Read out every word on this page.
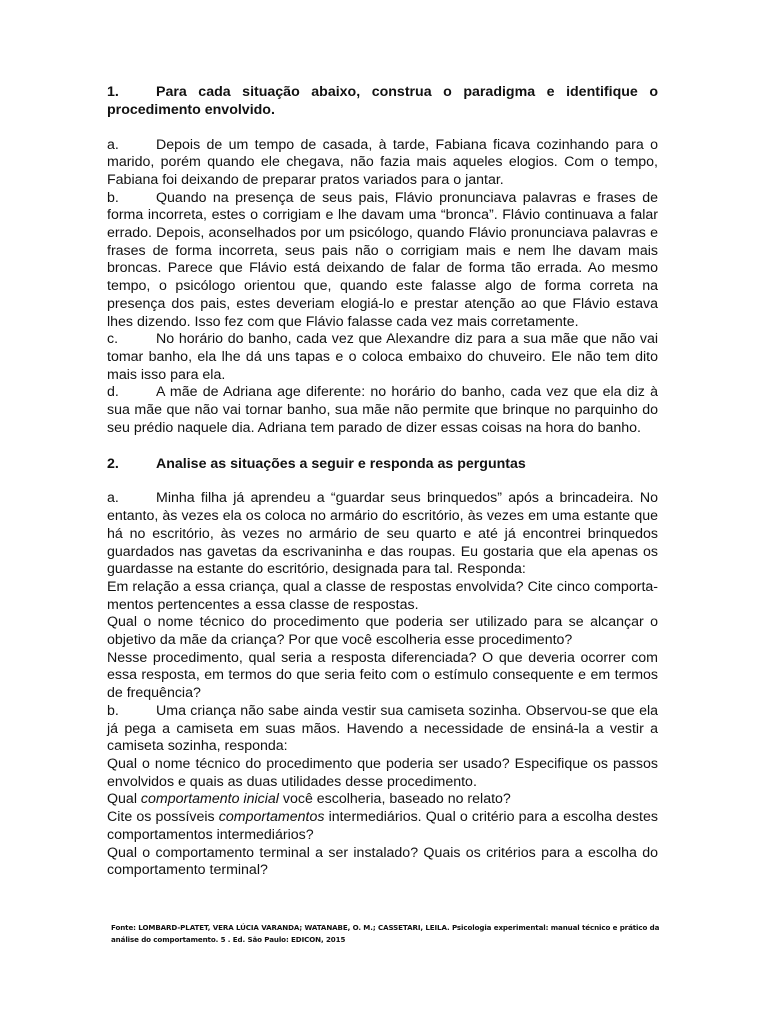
1.	Para cada situação abaixo, construa o paradigma e identifique o procedimento envolvido.

a.	Depois de um tempo de casada, à tarde, Fabiana ficava cozinhando para o marido, porém quando ele chegava, não fazia mais aqueles elogios. Com o tempo, Fabiana foi deixando de preparar pratos variados para o jantar.

b.	Quando na presença de seus pais, Flávio pronunciava palavras e frases de forma incorreta, estes o corrigiam e lhe davam uma “bronca”. Flávio continuava a falar errado. Depois, aconselhados por um psicólogo, quando Flávio pronunciava palavras e frases de forma incorreta, seus pais não o corrigiam mais e nem lhe davam mais broncas. Parece que Flávio está deixando de falar de forma tão errada. Ao mesmo tempo, o psicólogo orientou que, quando este falasse algo de forma correta na presença dos pais, estes deveriam elogiá-lo e prestar atenção ao que Flávio estava lhes dizendo. Isso fez com que Flávio falasse cada vez mais corretamente.

c.	No horário do banho, cada vez que Alexandre diz para a sua mãe que não vai tomar banho, ela lhe dá uns tapas e o coloca embaixo do chuveiro. Ele não tem dito mais isso para ela.

d.	A mãe de Adriana age diferente: no horário do banho, cada vez que ela diz à sua mãe que não vai tornar banho, sua mãe não permite que brinque no parquinho do seu prédio naquele dia. Adriana tem parado de dizer essas coisas na hora do banho.

2.	Analise as situações a seguir e responda as perguntas

a.	Minha filha já aprendeu a “guardar seus brinquedos” após a brincadeira. No entanto, às vezes ela os coloca no armário do escritório, às vezes em uma estante que há no escritório, às vezes no armário de seu quarto e até já encontrei brinquedos guardados nas gavetas da escrivaninha e das roupas. Eu gostaria que ela apenas os guardasse na estante do escritório, designada para tal. Responda:

Em relação a essa criança, qual a classe de respostas envolvida? Cite cinco comporta-mentos pertencentes a essa classe de respostas.

Qual o nome técnico do procedimento que poderia ser utilizado para se alcançar o objetivo da mãe da criança? Por que você escolheria esse procedimento?

Nesse procedimento, qual seria a resposta diferenciada? O que deveria ocorrer com essa resposta, em termos do que seria feito com o estímulo consequente e em termos de frequência?

b.	Uma criança não sabe ainda vestir sua camiseta sozinha. Observou-se que ela já pega a camiseta em suas mãos. Havendo a necessidade de ensiná-la a vestir a camiseta sozinha, responda:

Qual o nome técnico do procedimento que poderia ser usado? Especifique os passos envolvidos e quais as duas utilidades desse procedimento.

Qual comportamento inicial você escolheria, baseado no relato?

Cite os possíveis comportamentos intermediários. Qual o critério para a escolha destes comportamentos intermediários?

Qual o comportamento terminal a ser instalado? Quais os critérios para a escolha do comportamento terminal?

Fonte: LOMBARD-PLATET, VERA LÚCIA VARANDA; WATANABE, O. M.; CASSETARI, LEILA. Psicologia experimental: manual técnico e prático da análise do comportamento. 5 . Ed. São Paulo: EDICON, 2015
